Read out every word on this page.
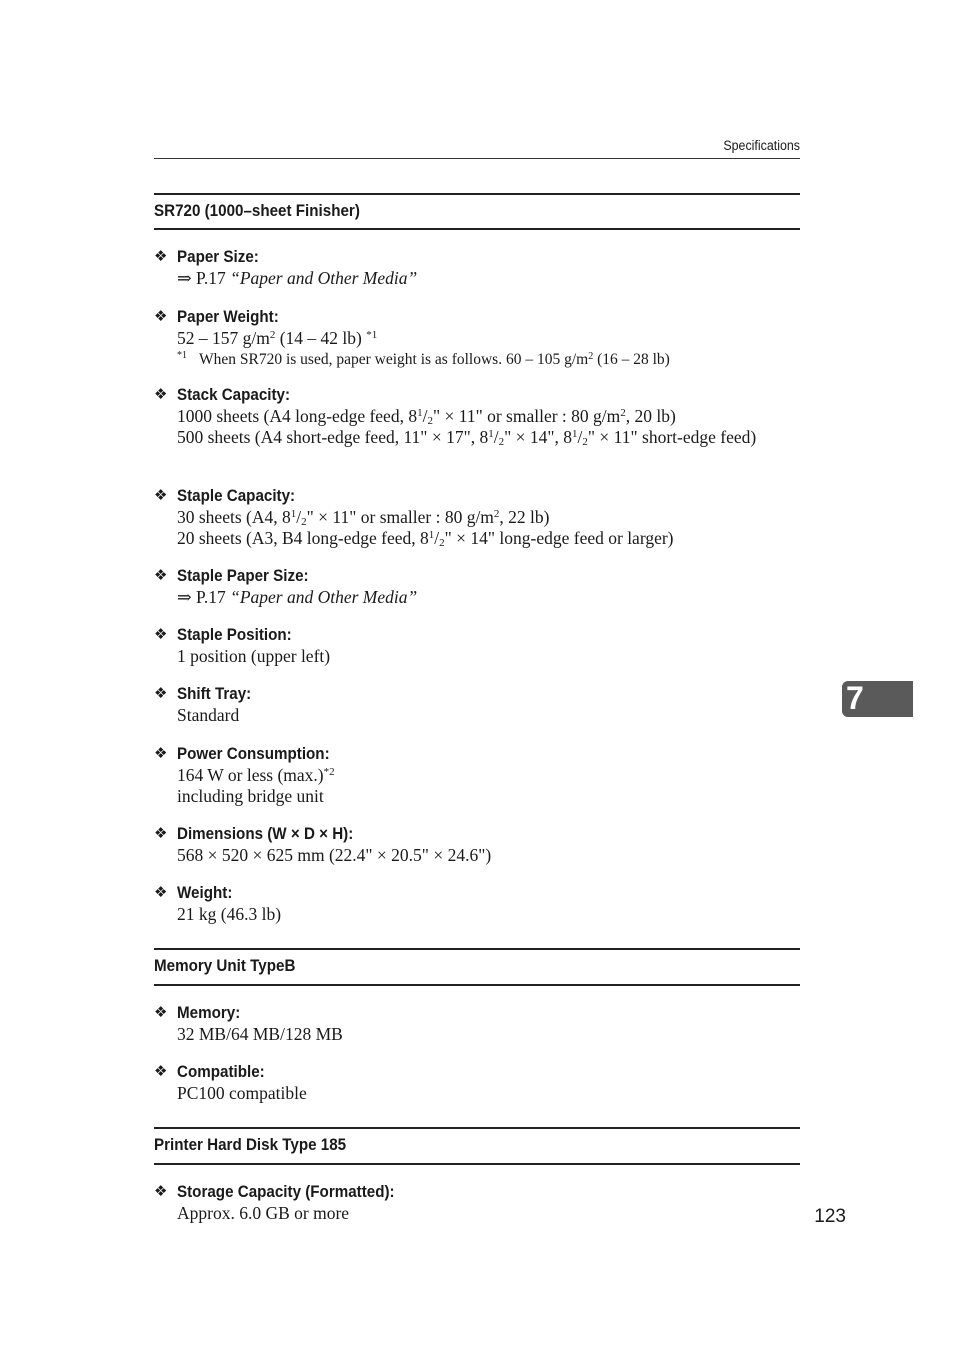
Specifications
SR720 (1000–sheet Finisher)
❖ Paper Size:
⇒ P.17 “Paper and Other Media”
❖ Paper Weight:
52 – 157 $g/m^2$ (14 – 42 lb) $^{*1}$
*1 When SR720 is used, paper weight is as follows. 60 – 105 $g/m^2$ (16 – 28 lb)
❖ Stack Capacity:
1000 sheets (A4 long-edge feed, $8^1/_2$" × 11" or smaller : 80 $g/m^2$, 20 lb)
500 sheets (A4 short-edge feed, 11" × 17", $8^1/_2$" × 14", $8^1/_2$" × 11" short-edge feed)
❖ Staple Capacity:
30 sheets (A4, $8^1/_2$" × 11" or smaller : 80 $g/m^2$, 22 lb)
20 sheets (A3, B4 long-edge feed, $8^1/_2$" × 14" long-edge feed or larger)
❖ Staple Paper Size:
⇒ P.17 “Paper and Other Media”
❖ Staple Position:
1 position (upper left)
❖ Shift Tray:
Standard
❖ Power Consumption:
164 W or less $(\max.)^{*2}$
including bridge unit
❖ Dimensions (W × D × H):
568 × 520 × 625 mm (22.4" × 20.5" × 24.6")
❖ Weight:
21 kg (46.3 lb)
Memory Unit TypeB
❖ Memory:
32 MB/64 MB/128 MB
❖ Compatible:
PC100 compatible
Printer Hard Disk Type 185
❖ Storage Capacity (Formatted):
Approx. 6.0 GB or more
7
123
